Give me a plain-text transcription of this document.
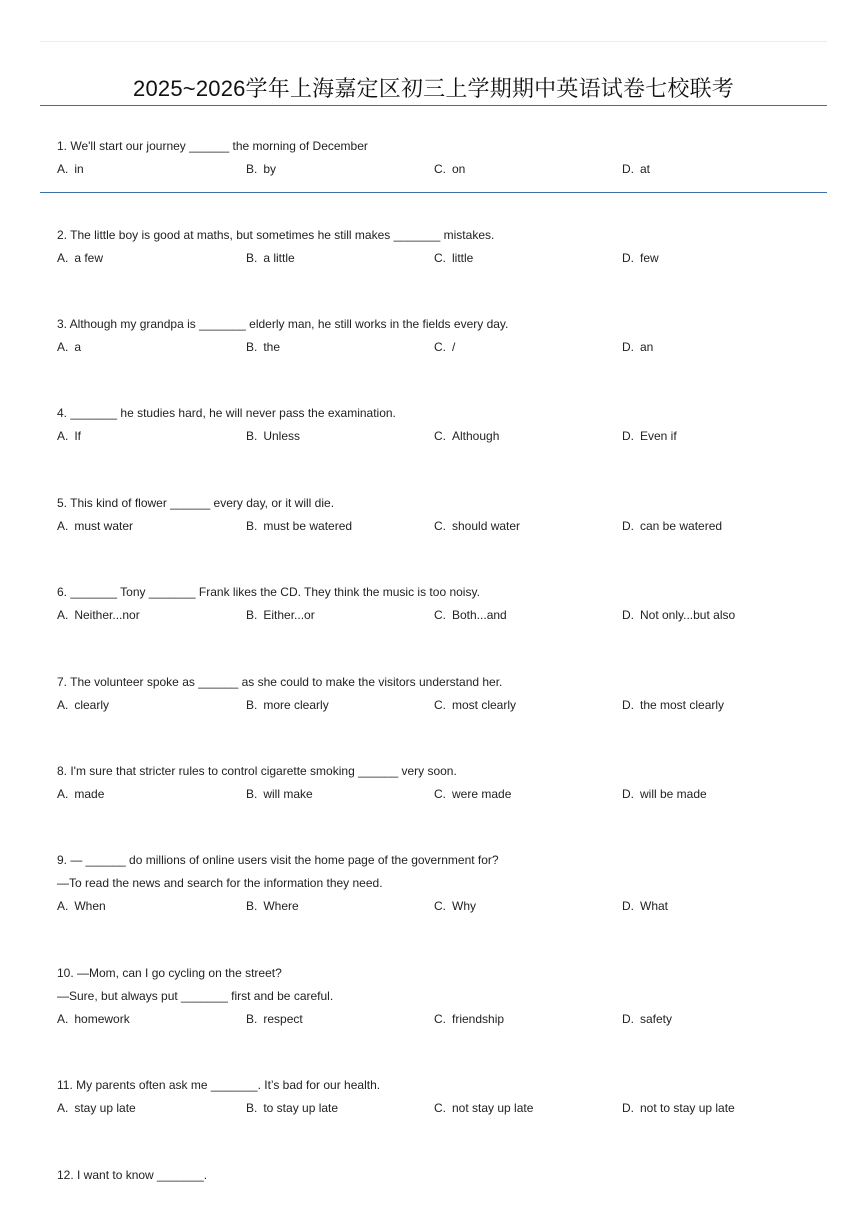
2025~2026学年上海嘉定区初三上学期期中英语试卷七校联考
1. We'll start our journey ______ the morning of December
A. in	B. by	C. on	D. at
2. The little boy is good at maths, but sometimes he still makes _______ mistakes.
A. a few	B. a little	C. little	D. few
3. Although my grandpa is _______ elderly man, he still works in the fields every day.
A. a	B. the	C. /	D. an
4. _______ he studies hard, he will never pass the examination.
A. If	B. Unless	C. Although	D. Even if
5. This kind of flower ______ every day, or it will die.
A. must water	B. must be watered	C. should water	D. can be watered
6. _______ Tony _______ Frank likes the CD. They think the music is too noisy.
A. Neither...nor	B. Either...or	C. Both...and	D. Not only...but also
7. The volunteer spoke as ______ as she could to make the visitors understand her.
A. clearly	B. more clearly	C. most clearly	D. the most clearly
8. I'm sure that stricter rules to control cigarette smoking ______ very soon.
A. made	B. will make	C. were made	D. will be made
9. — ______ do millions of online users visit the home page of the government for?
—To read the news and search for the information they need.
A. When	B. Where	C. Why	D. What
10. —Mom, can I go cycling on the street?
—Sure, but always put _______ first and be careful.
A. homework	B. respect	C. friendship	D. safety
11. My parents often ask me _______. It’s bad for our health.
A. stay up late	B. to stay up late	C. not stay up late	D. not to stay up late
12. I want to know _______.
